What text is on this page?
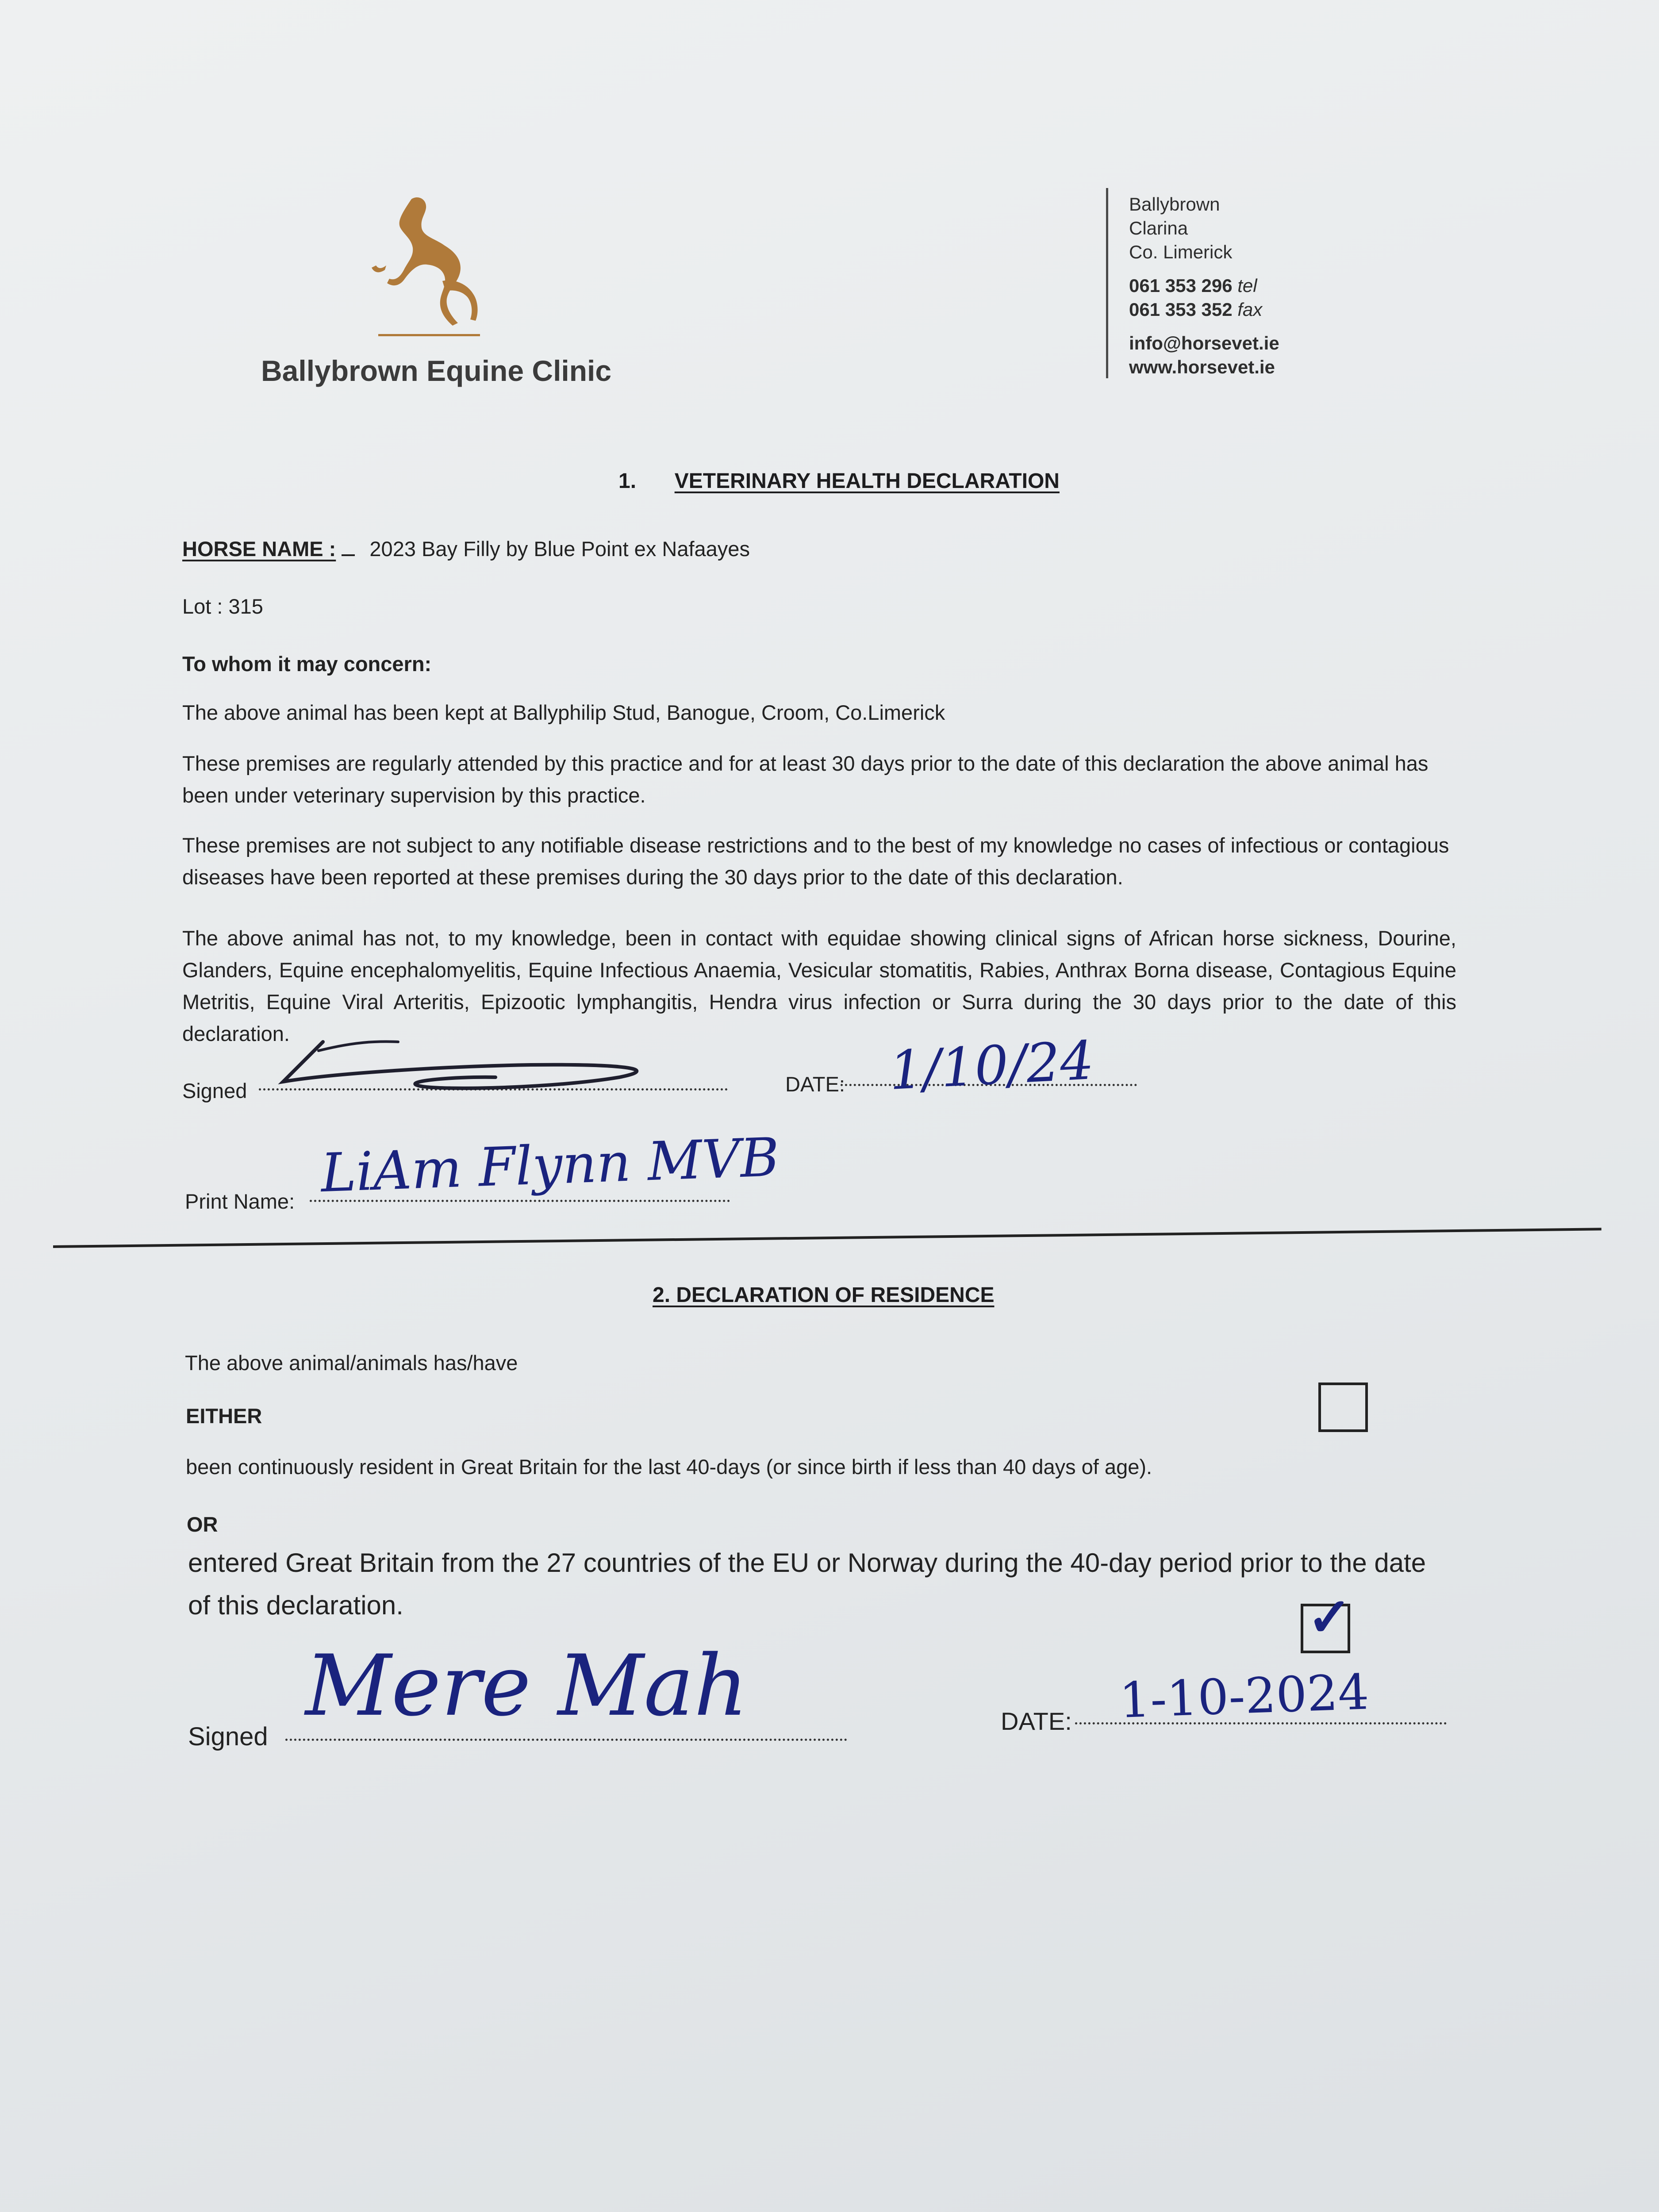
Ballybrown Equine Clinic
Ballybrown
Clarina
Co. Limerick
061 353 296 tel
061 353 352 fax
info@horsevet.ie
www.horsevet.ie
1. VETERINARY HEALTH DECLARATION
HORSE NAME : 2023 Bay Filly by Blue Point ex Nafaayes
Lot : 315
To whom it may concern:
The above animal has been kept at Ballyphilip Stud, Banogue, Croom, Co.Limerick
These premises are regularly attended by this practice and for at least 30 days prior to the date of this declaration the above animal has been under veterinary supervision by this practice.
These premises are not subject to any notifiable disease restrictions and to the best of my knowledge no cases of infectious or contagious diseases have been reported at these premises during the 30 days prior to the date of this declaration.
The above animal has not, to my knowledge, been in contact with equidae showing clinical signs of African horse sickness, Dourine, Glanders, Equine encephalomyelitis, Equine Infectious Anaemia, Vesicular stomatitis, Rabies, Anthrax Borna disease, Contagious Equine Metritis, Equine Viral Arteritis, Epizootic lymphangitis, Hendra virus infection or Surra during the 30 days prior to the date of this declaration.
Signed	DATE: 1/10/24
Print Name: LiAm Flynn MVB
2. DECLARATION OF RESIDENCE
The above animal/animals has/have
EITHER
been continuously resident in Great Britain for the last 40-days (or since birth if less than 40 days of age).
OR
entered Great Britain from the 27 countries of the EU or Norway during the 40-day period prior to the date of this declaration.	✓
Signed
Mere Mah	DATE: 1-10-2024
